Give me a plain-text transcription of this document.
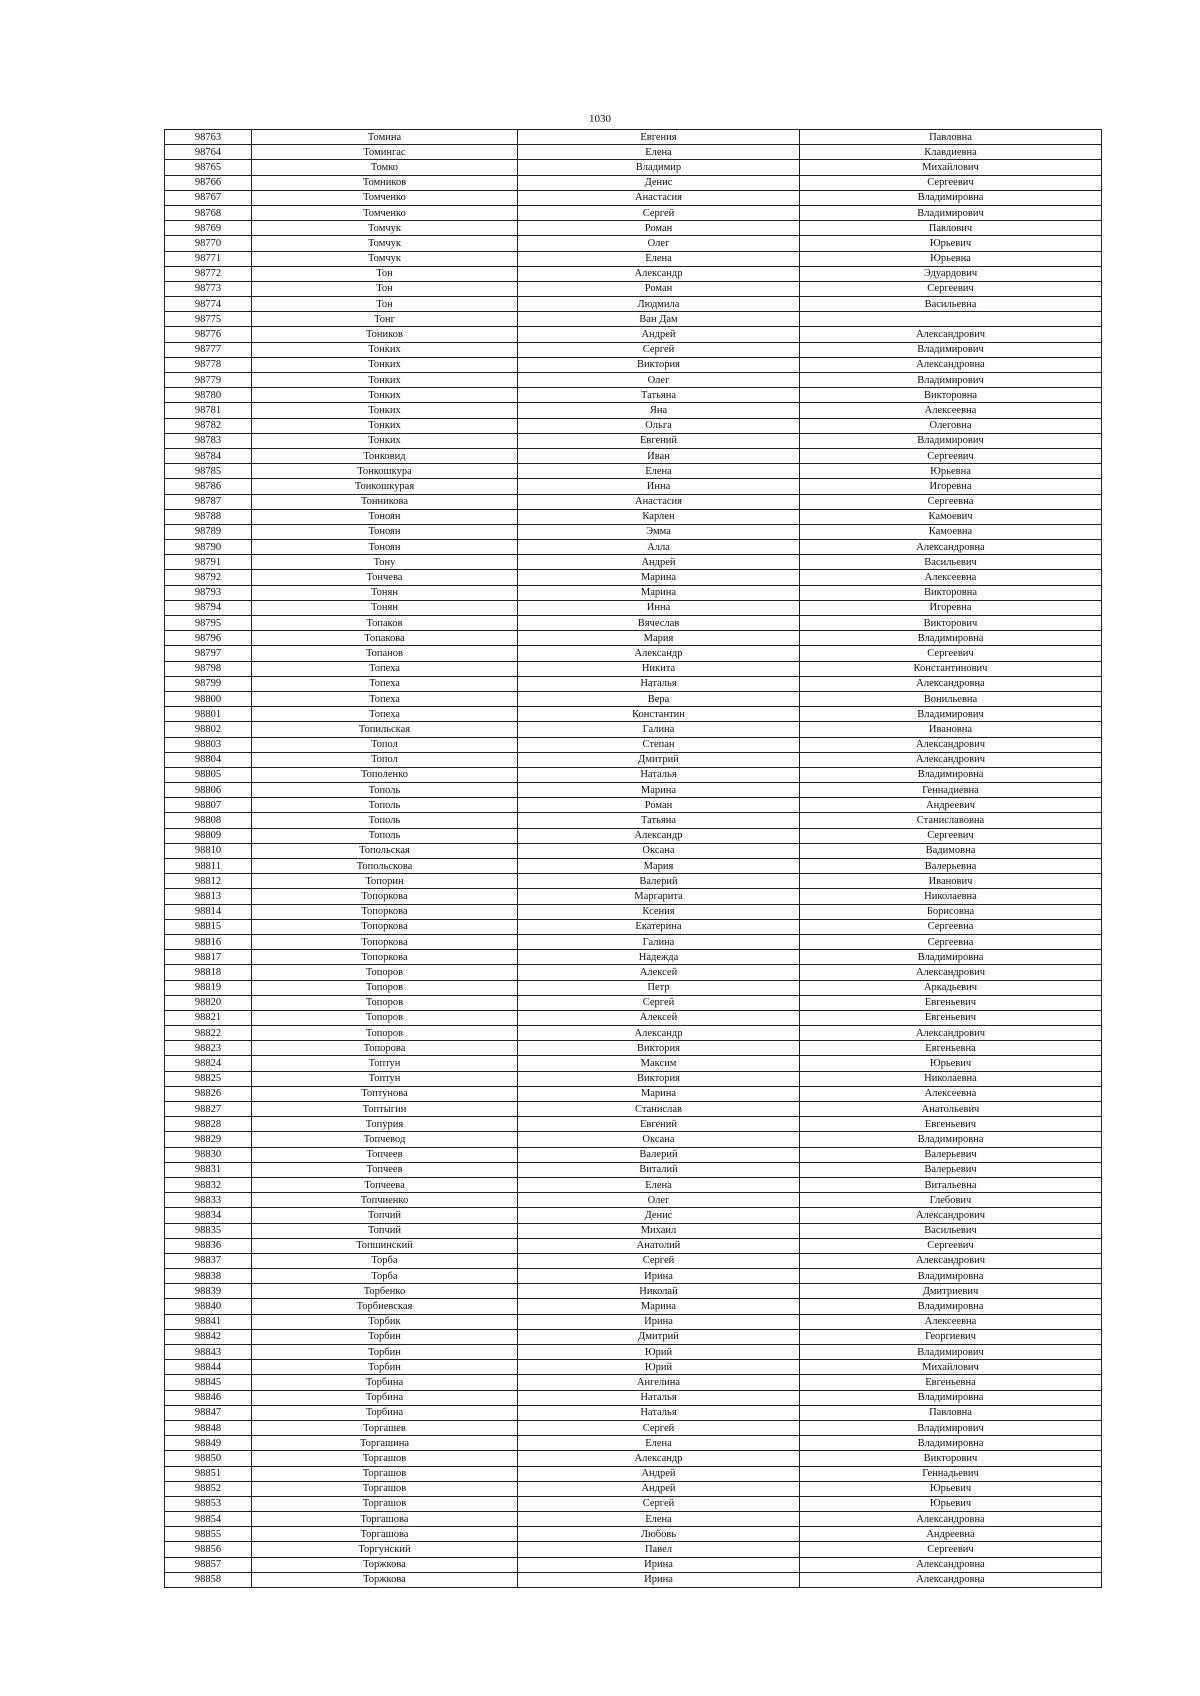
1030
98763	Томина	Евгения	Павловна
98764	Томингас	Елена	Клавдиевна
98765	Томко	Владимир	Михайлович
98766	Томников	Денис	Сергеевич
98767	Томченко	Анастасия	Владимировна
98768	Томченко	Сергей	Владимирович
98769	Томчук	Роман	Павлович
98770	Томчук	Олег	Юрьевич
98771	Томчук	Елена	Юрьевна
98772	Тон	Александр	Эдуардович
98773	Тон	Роман	Сергеевич
98774	Тон	Людмила	Васильевна
98775	Тонг	Ван Дам	
98776	Тоников	Андрей	Александрович
98777	Тонких	Сергей	Владимирович
98778	Тонких	Виктория	Александровна
98779	Тонких	Олег	Владимирович
98780	Тонких	Татьяна	Викторовна
98781	Тонких	Яна	Алексеевна
98782	Тонких	Ольга	Олеговна
98783	Тонких	Евгений	Владимирович
98784	Тонковид	Иван	Сергеевич
98785	Тонкошкура	Елена	Юрьевна
98786	Тонкошкурая	Инна	Игоревна
98787	Тонникова	Анастасия	Сергеевна
98788	Тоноян	Карлен	Камоевич
98789	Тоноян	Эмма	Камоевна
98790	Тоноян	Алла	Александровна
98791	Тону	Андрей	Васильевич
98792	Тончева	Марина	Алексеевна
98793	Тонян	Марина	Викторовна
98794	Тонян	Инна	Игоревна
98795	Топаков	Вячеслав	Викторович
98796	Топакова	Мария	Владимировна
98797	Топанов	Александр	Сергеевич
98798	Топеха	Никита	Константинович
98799	Топеха	Наталья	Александровна
98800	Топеха	Вера	Вонильевна
98801	Топеха	Константин	Владимирович
98802	Топильская	Галина	Ивановна
98803	Топол	Степан	Александрович
98804	Топол	Дмитрий	Александрович
98805	Тополенко	Наталья	Владимировна
98806	Тополь	Марина	Геннадиевна
98807	Тополь	Роман	Андреевич
98808	Тополь	Татьяна	Станиславовна
98809	Тополь	Александр	Сергеевич
98810	Топольская	Оксана	Вадимовна
98811	Топольскова	Мария	Валерьевна
98812	Топорин	Валерий	Иванович
98813	Топоркова	Маргарита	Николаевна
98814	Топоркова	Ксения	Борисовна
98815	Топоркова	Екатерина	Сергеевна
98816	Топоркова	Галина	Сергеевна
98817	Топоркова	Надежда	Владимировна
98818	Топоров	Алексей	Александрович
98819	Топоров	Петр	Аркадьевич
98820	Топоров	Сергей	Евгеньевич
98821	Топоров	Алексей	Евгеньевич
98822	Топоров	Александр	Александрович
98823	Топорова	Виктория	Евгеньевна
98824	Топтун	Максим	Юрьевич
98825	Топтун	Виктория	Николаевна
98826	Топтунова	Марина	Алексеевна
98827	Топтыгин	Станислав	Анатольевич
98828	Топурия	Евгений	Евгеньевич
98829	Топчевод	Оксана	Владимировна
98830	Топчеев	Валерий	Валерьевич
98831	Топчеев	Виталий	Валерьевич
98832	Топчеева	Елена	Витальевна
98833	Топчиенко	Олег	Глебович
98834	Топчий	Денис	Александрович
98835	Топчий	Михаил	Васильевич
98836	Топшинский	Анатолий	Сергеевич
98837	Торба	Сергей	Александрович
98838	Торба	Ирина	Владимировна
98839	Торбенко	Николай	Дмитриевич
98840	Торбиевская	Марина	Владимировна
98841	Торбик	Ирина	Алексеевна
98842	Торбин	Дмитрий	Георгиевич
98843	Торбин	Юрий	Владимирович
98844	Торбин	Юрий	Михайлович
98845	Торбина	Ангелина	Евгеньевна
98846	Торбина	Наталья	Владимировна
98847	Торбина	Наталья	Павловна
98848	Торгашев	Сергей	Владимирович
98849	Торгашина	Елена	Владимировна
98850	Торгашов	Александр	Викторович
98851	Торгашов	Андрей	Геннадьевич
98852	Торгашов	Андрей	Юрьевич
98853	Торгашов	Сергей	Юрьевич
98854	Торгашова	Елена	Александровна
98855	Торгашова	Любовь	Андреевна
98856	Торгунский	Павел	Сергеевич
98857	Торжкова	Ирина	Александровна
98858	Торжкова	Ирина	Александровна
